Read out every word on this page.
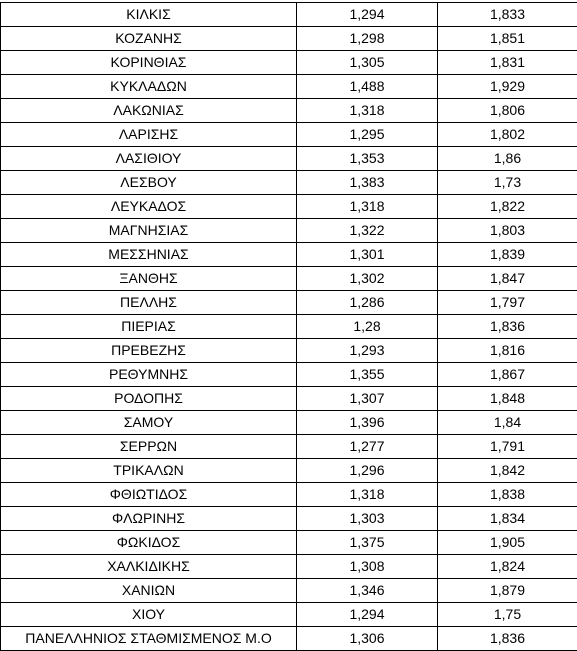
ΚΙΛΚΙΣ	1,294	1,833
ΚΟΖΑΝΗΣ	1,298	1,851
ΚΟΡΙΝΘΙΑΣ	1,305	1,831
ΚΥΚΛΑΔΩΝ	1,488	1,929
ΛΑΚΩΝΙΑΣ	1,318	1,806
ΛΑΡΙΣΗΣ	1,295	1,802
ΛΑΣΙΘΙΟΥ	1,353	1,86
ΛΕΣΒΟΥ	1,383	1,73
ΛΕΥΚΑΔΟΣ	1,318	1,822
ΜΑΓΝΗΣΙΑΣ	1,322	1,803
ΜΕΣΣΗΝΙΑΣ	1,301	1,839
ΞΑΝΘΗΣ	1,302	1,847
ΠΕΛΛΗΣ	1,286	1,797
ΠΙΕΡΙΑΣ	1,28	1,836
ΠΡΕΒΕΖΗΣ	1,293	1,816
ΡΕΘΥΜΝΗΣ	1,355	1,867
ΡΟΔΟΠΗΣ	1,307	1,848
ΣΑΜΟΥ	1,396	1,84
ΣΕΡΡΩΝ	1,277	1,791
ΤΡΙΚΑΛΩΝ	1,296	1,842
ΦΘΙΩΤΙΔΟΣ	1,318	1,838
ΦΛΩΡΙΝΗΣ	1,303	1,834
ΦΩΚΙΔΟΣ	1,375	1,905
ΧΑΛΚΙΔΙΚΗΣ	1,308	1,824
ΧΑΝΙΩΝ	1,346	1,879
ΧΙΟΥ	1,294	1,75
ΠΑΝΕΛΛΗΝΙΟΣ ΣΤΑΘΜΙΣΜΕΝΟΣ Μ.Ο	1,306	1,836
